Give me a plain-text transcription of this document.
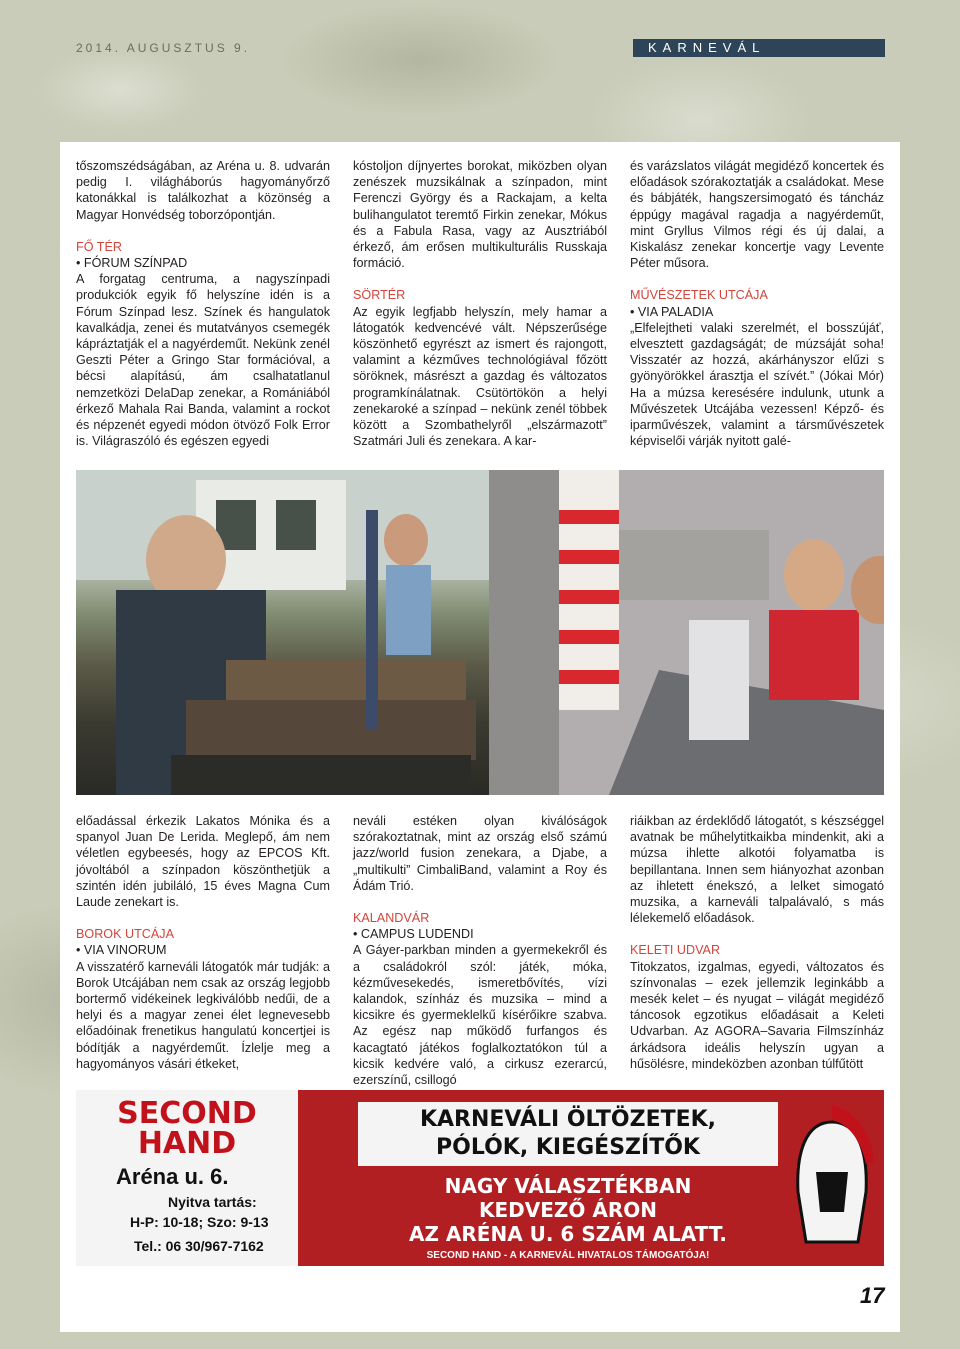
2014. AUGUSZTUS 9.	KARNEVÁL

tőszomszédságában, az Aréna u. 8. udvarán pedig I. világháborús hagyományőrző katonákkal is találkozhat a közönség a Magyar Honvédség toborzópontján.

FŐ TÉR

• FÓRUM SZÍNPAD

A forgatag centruma, a nagyszínpadi produkciók egyik fő helyszíne idén is a Fórum Színpad lesz. Színek és hangulatok kavalkádja, zenei és mutatványos csemegék kápráztatják el a nagyérdeműt. Nekünk zenél Geszti Péter a Gringo Star formációval, a bécsi alapítású, ám csalhatatlanul nemzetközi DelaDap zenekar, a Romániából érkező Mahala Rai Banda, valamint a rockot és népzenét egyedi módon ötvöző Folk Error is. Világraszóló és egészen egyedi

kóstoljon díjnyertes borokat, miközben olyan zenészek muzsikálnak a színpadon, mint Ferenczi György és a Rackajam, a kelta bulihangulatot teremtő Firkin zenekar, Mókus és a Fabula Rasa, vagy az Ausztriából érkező, ám erősen multikulturális Russkaja formáció.

SÖRTÉR

Az egyik legfjabb helyszín, mely hamar a látogatók kedvencévé vált. Népszerűsége köszönhető egyrészt az ismert és rajongott, valamint a kézműves technológiával főzött söröknek, másrészt a gazdag és változatos programkínálatnak. Csütörtökön a helyi zenekaroké a színpad – nekünk zenél többek között a Szombathelyről „elszármazott” Szatmári Juli és zenekara. A kar-

és varázslatos világát megidéző koncertek és előadások szórakoztatják a családokat. Mese és bábjáték, hangszersimogató és táncház éppúgy magával ragadja a nagyérdeműt, mint Gryllus Vilmos régi és új dalai, a Kiskalász zenekar koncertje vagy Levente Péter műsora.

MŰVÉSZETEK UTCÁJA

• VIA PALADIA

„Elfelejtheti valaki szerelmét, el bosszújáť, elvesztett gazdagságát; de múzsáját soha! Visszatér az hozzá, akárhányszor elűzi s gyönyörökkel árasztja el szívét.” (Jókai Mór) Ha a múzsa keresésére indulunk, utunk a Művészetek Utcájába vezessen! Képző- és iparművészek, valamint a társművészetek képviselői várják nyitott galé-

előadással érkezik Lakatos Mónika és a spanyol Juan De Lerida. Meglepő, ám nem véletlen egybeesés, hogy az EPCOS Kft. jóvoltából a színpadon köszönthetjük a szintén idén jubiláló, 15 éves Magna Cum Laude zenekart is.

BOROK UTCÁJA

• VIA VINORUM

A visszatérő karneváli látogatók már tudják: a Borok Utcájában nem csak az ország legjobb bortermő vidékeinek legkiválóbb nedűi, de a helyi és a magyar zenei élet legnevesebb előadóinak frenetikus hangulatú koncertjei is bódítják a nagyérdeműt. Ízlelje meg a hagyományos vásári étkeket,

neváli estéken olyan kiválóságok szórakoztatnak, mint az ország első számú jazz/world fusion zenekara, a Djabe, a „multikulti” CimbaliBand, valamint a Roy és Ádám Trió.

KALANDVÁR

• CAMPUS LUDENDI

A Gáyer-parkban minden a gyermekekről és a családokról szól: játék, móka, kézművesekedés, ismeretbővítés, vízi kalandok, színház és muzsika – mind a kicsikre és gyermeklelkű kísérőikre szabva. Az egész nap működő furfangos és kacagtató játékos foglalkoztatókon túl a kicsik kedvére való, a cirkusz ezerarcú, ezerszínű, csillogó

riáikban az érdeklődő látogatót, s készséggel avatnak be műhelytitkaikba mindenkit, aki a múzsa ihlette alkotói folyamatba is bepillantana. Innen sem hiányozhat azonban az ihletett énekszó, a lelket simogató muzsika, a karneváli talpalávaló, s más lélekemelő előadások.

KELETI UDVAR

Titokzatos, izgalmas, egyedi, változatos és színvonalas – ezek jellemzik leginkább a mesék kelet – és nyugat – világát megidéző táncosok egzotikus előadásait a Keleti Udvarban. Az AGORA–Savaria Filmszínház árkádsora ideális helyszín ugyan a hűsölésre, mindeközben azonban túlfűtött

SECOND
HAND
Aréna u. 6.
Nyitva tartás:
H-P: 10-18; Szo: 9-13
Tel.: 06 30/967-7162
KARNEVÁLI ÖLTÖZETEK,
PÓLÓK, KIEGÉSZÍTŐK
NAGY VÁLASZTÉKBAN
KEDVEZŐ ÁRON
AZ ARÉNA U. 6 SZÁM ALATT.
SECOND HAND - A KARNEVÁL HIVATALOS TÁMOGATÓJA!
17
